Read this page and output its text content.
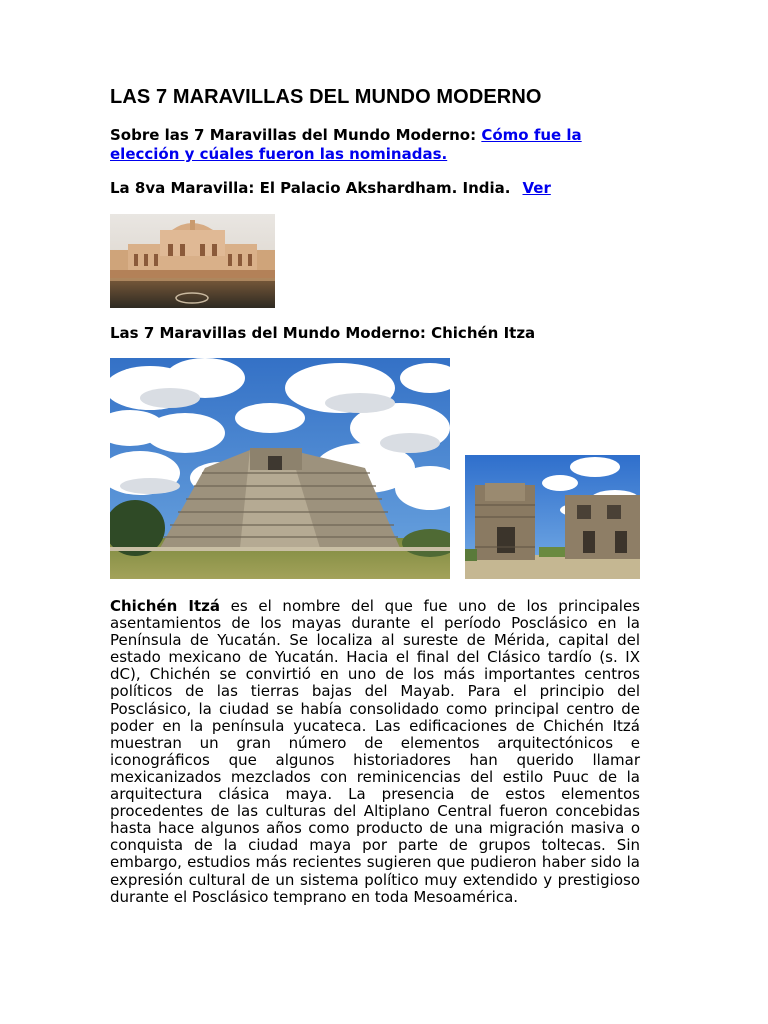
LAS 7 MARAVILLAS DEL MUNDO MODERNO

Sobre las 7 Maravillas del Mundo Moderno: Cómo fue la elección y cúales fueron las nominadas.

La 8va Maravilla: El Palacio Akshardham. India. Ver

Las 7 Maravillas del Mundo Moderno: Chichén Itza

Chichén Itzá es el nombre del que fue uno de los principales asentamientos de los mayas durante el período Posclásico en la Península de Yucatán. Se localiza al sureste de Mérida, capital del estado mexicano de Yucatán. Hacia el final del Clásico tardío (s. IX dC), Chichén se convirtió en uno de los más importantes centros políticos de las tierras bajas del Mayab. Para el principio del Posclásico, la ciudad se había consolidado como principal centro de poder en la península yucateca. Las edificaciones de Chichén Itzá muestran un gran número de elementos arquitectónicos e iconográficos que algunos historiadores han querido llamar mexicanizados mezclados con reminicencias del estilo Puuc de la arquitectura clásica maya. La presencia de estos elementos procedentes de las culturas del Altiplano Central fueron concebidas hasta hace algunos años como producto de una migración masiva o conquista de la ciudad maya por parte de grupos toltecas. Sin embargo, estudios más recientes sugieren que pudieron haber sido la expresión cultural de un sistema político muy extendido y prestigioso durante el Posclásico temprano en toda Mesoamérica.
